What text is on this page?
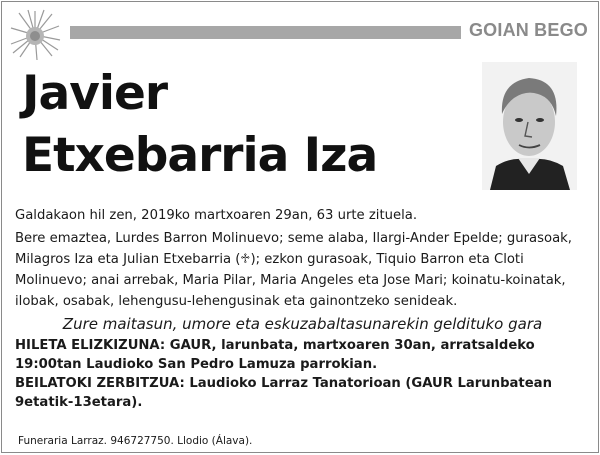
GOIAN BEGO
Javier
Etxebarria Iza

Galdakaon hil zen, 2019ko martxoaren 29an, 63 urte zituela.

Bere emaztea, Lurdes Barron Molinuevo; seme alaba, Ilargi-Ander Epelde; gurasoak, Milagros Iza eta Julian Etxebarria (♱); ezkon gurasoak, Tiquio Barron eta Cloti Molinuevo; anai arrebak, Maria Pilar, Maria Angeles eta Jose Mari; koinatu-koinatak, ilobak, osabak, lehengusu-lehengusinak eta gainontzeko senideak.

Zure maitasun, umore eta eskuzabaltasunarekin gelditukо gara

HILETA ELIZKIZUNA: GAUR, larunbata, martxoaren 30an, arratsaldeko 19:00tan Laudioko San Pedro Lamuza parrokian.

BEILATOKI ZERBITZUA: Laudioko Larraz Tanatorioan (GAUR Larunbatean 9etatik-13etara).

Funeraria Larraz. 946727750. Llodio (Álava).
